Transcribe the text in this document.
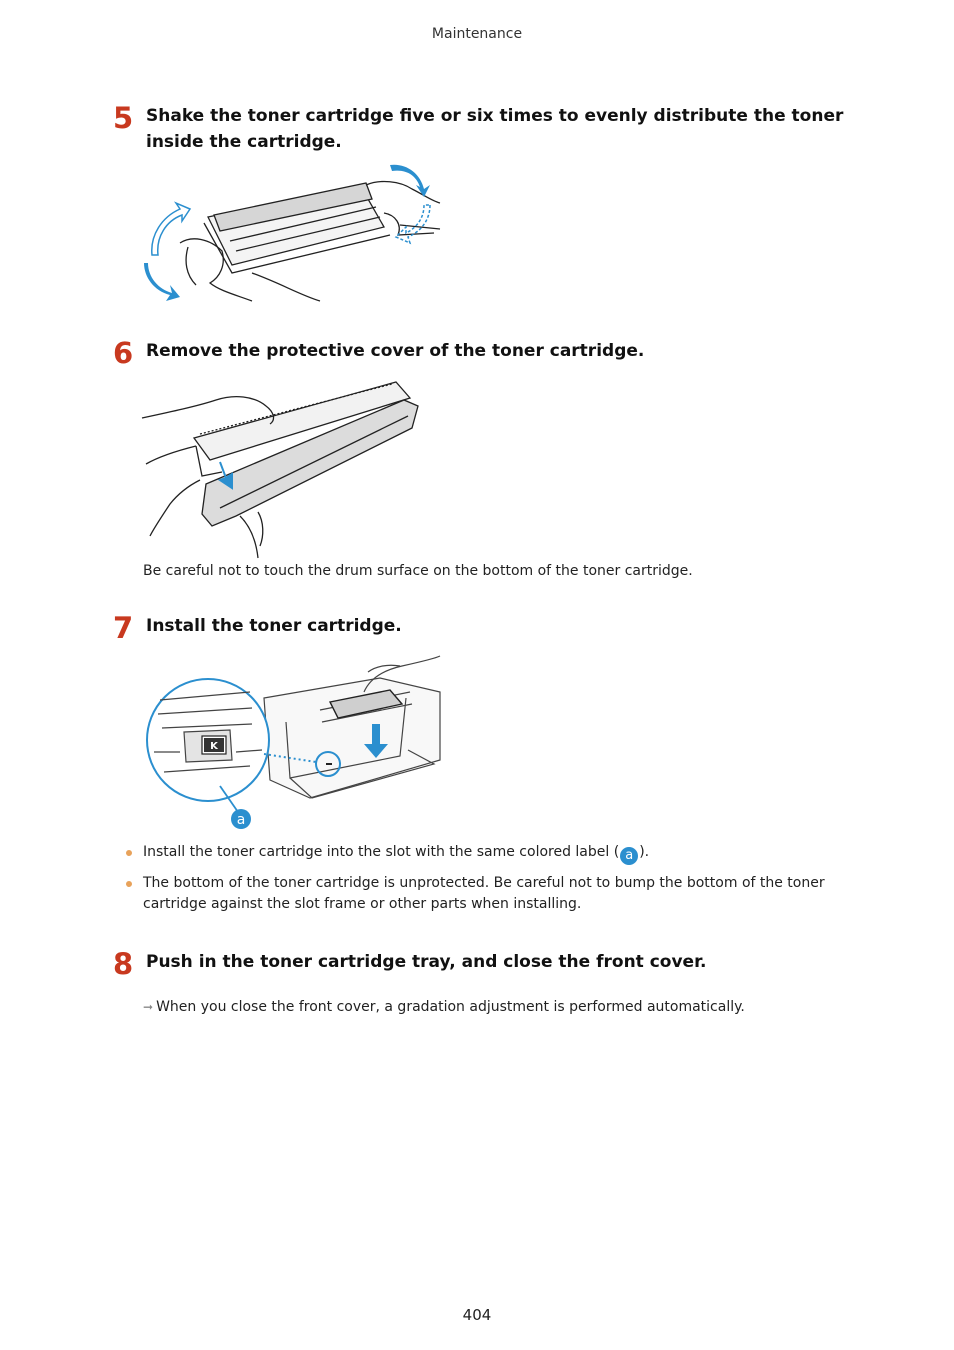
Maintenance
5 Shake the toner cartridge five or six times to evenly distribute the toner inside the cartridge.
6 Remove the protective cover of the toner cartridge.
Be careful not to touch the drum surface on the bottom of the toner cartridge.
7 Install the toner cartridge.
K
a
Install the toner cartridge into the slot with the same colored label ( a ).
The bottom of the toner cartridge is unprotected. Be careful not to bump the bottom of the toner cartridge against the slot frame or other parts when installing.
8 Push in the toner cartridge tray, and close the front cover.
➞ When you close the front cover, a gradation adjustment is performed automatically.
404
